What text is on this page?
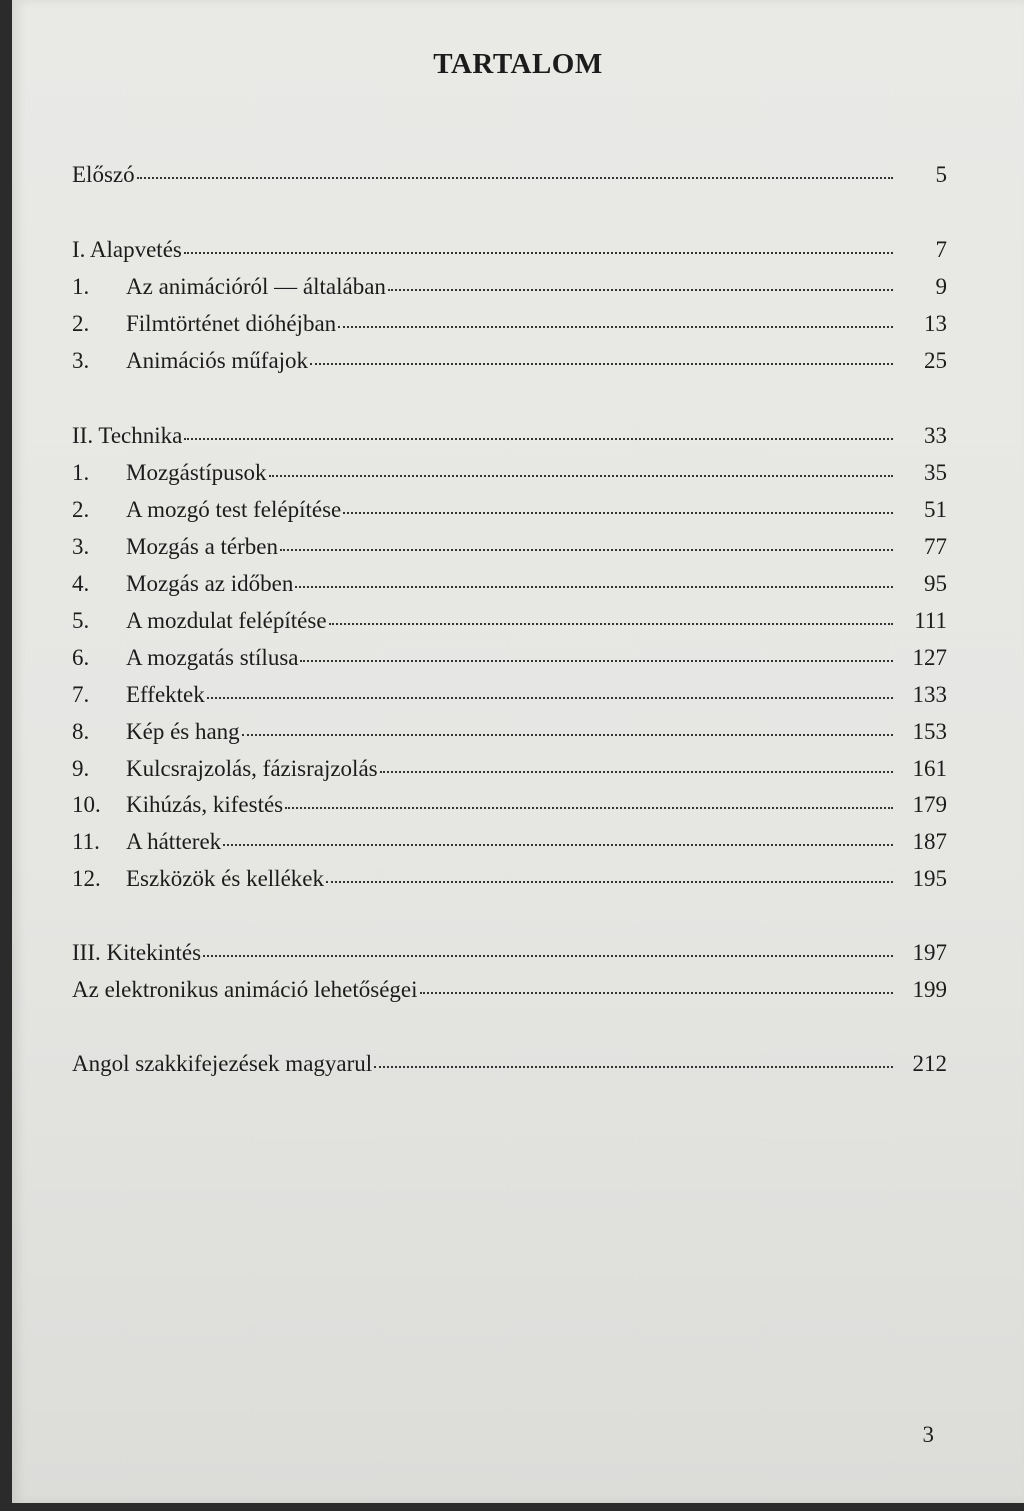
TARTALOM
Előszó	5
I. Alapvetés	7
1.	Az animációról — általában	9
2.	Filmtörténet dióhéjban	13
3.	Animációs műfajok	25
II. Technika	33
1.	Mozgástípusok	35
2.	A mozgó test felépítése	51
3.	Mozgás a térben	77
4.	Mozgás az időben	95
5.	A mozdulat felépítése	111
6.	A mozgatás stílusa	127
7.	Effektek	133
8.	Kép és hang	153
9.	Kulcsrajzolás, fázisrajzolás	161
10.	Kihúzás, kifestés	179
11.	A hátterek	187
12.	Eszközök és kellékek	195
III. Kitekintés	197
Az elektronikus animáció lehetőségei	199
Angol szakkifejezések magyarul	212
3
